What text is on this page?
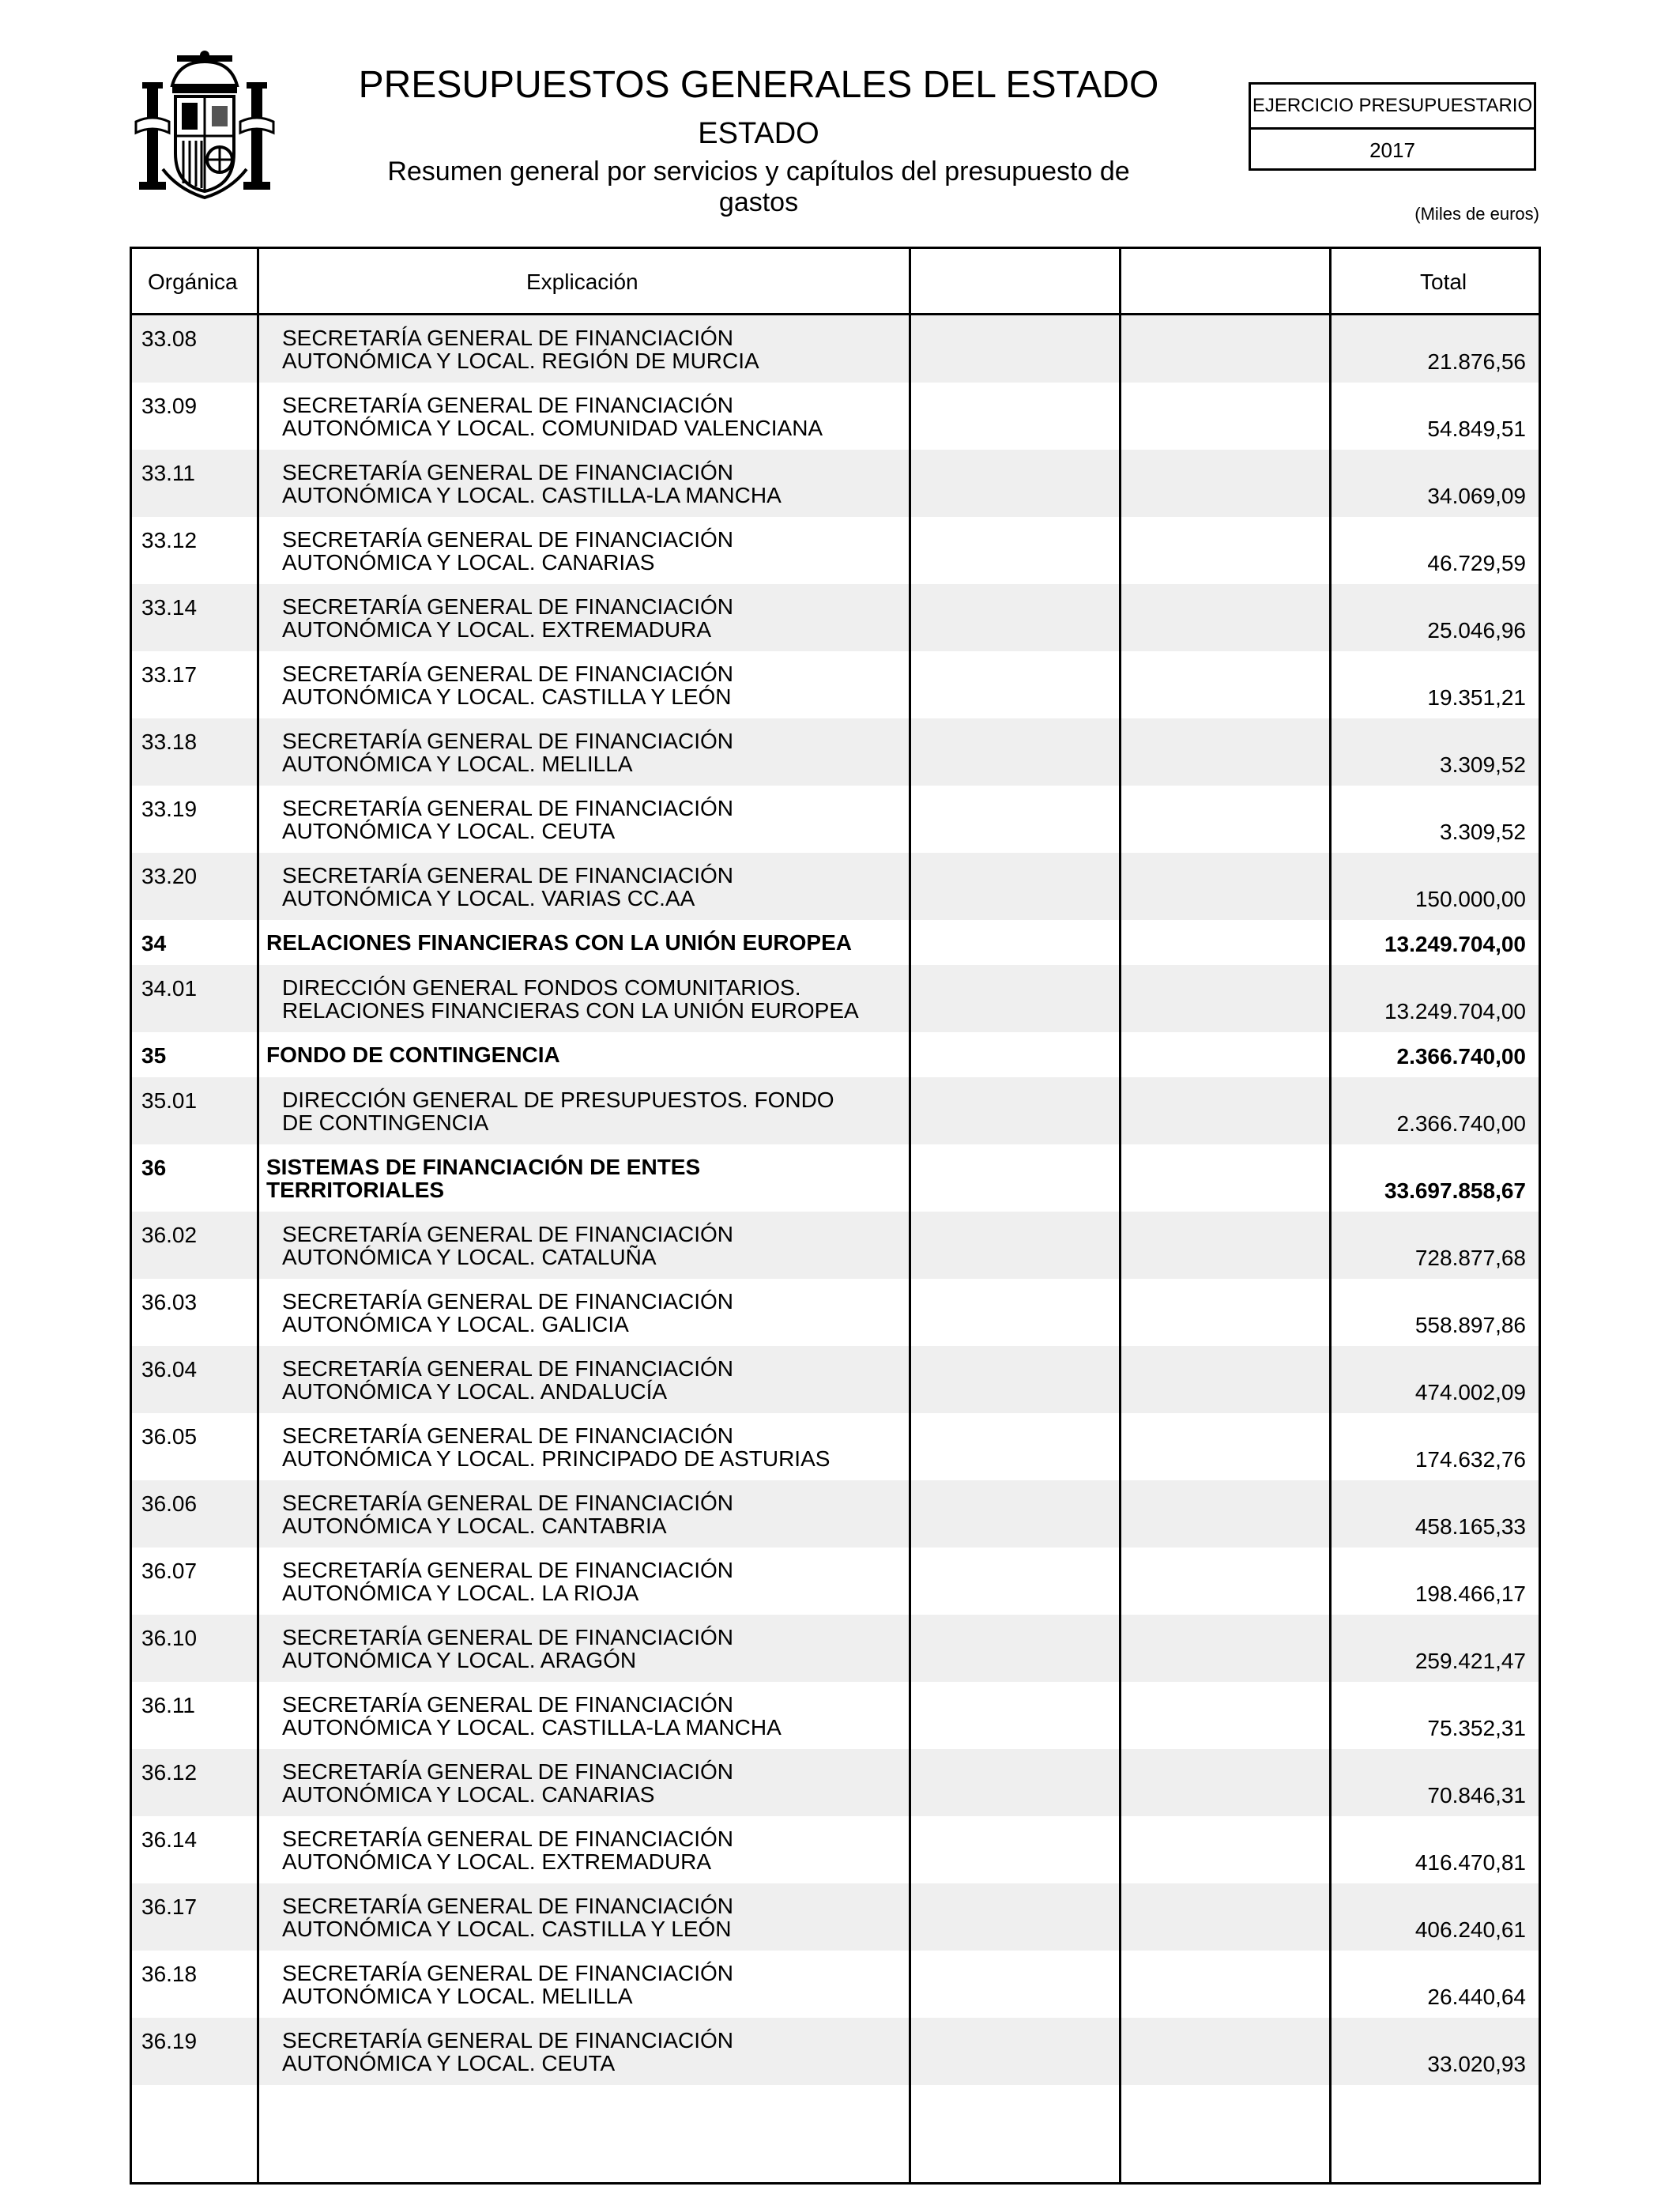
PRESUPUESTOS GENERALES DEL ESTADO
ESTADO
Resumen general por servicios y capítulos del presupuesto de gastos
EJERCICIO PRESUPUESTARIO
2017
(Miles de euros)
Orgánica	Explicación	Total
33.08	SECRETARÍA GENERAL DE FINANCIACIÓN
AUTONÓMICA Y LOCAL. REGIÓN DE MURCIA	21.876,56
33.09	SECRETARÍA GENERAL DE FINANCIACIÓN
AUTONÓMICA Y LOCAL. COMUNIDAD VALENCIANA	54.849,51
33.11	SECRETARÍA GENERAL DE FINANCIACIÓN
AUTONÓMICA Y LOCAL. CASTILLA-LA MANCHA	34.069,09
33.12	SECRETARÍA GENERAL DE FINANCIACIÓN
AUTONÓMICA Y LOCAL. CANARIAS	46.729,59
33.14	SECRETARÍA GENERAL DE FINANCIACIÓN
AUTONÓMICA Y LOCAL. EXTREMADURA	25.046,96
33.17	SECRETARÍA GENERAL DE FINANCIACIÓN
AUTONÓMICA Y LOCAL. CASTILLA Y LEÓN	19.351,21
33.18	SECRETARÍA GENERAL DE FINANCIACIÓN
AUTONÓMICA Y LOCAL. MELILLA	3.309,52
33.19	SECRETARÍA GENERAL DE FINANCIACIÓN
AUTONÓMICA Y LOCAL. CEUTA	3.309,52
33.20	SECRETARÍA GENERAL DE FINANCIACIÓN
AUTONÓMICA Y LOCAL. VARIAS CC.AA	150.000,00
34	RELACIONES FINANCIERAS CON LA UNIÓN EUROPEA	13.249.704,00
34.01	DIRECCIÓN GENERAL FONDOS COMUNITARIOS.
RELACIONES FINANCIERAS CON LA UNIÓN EUROPEA	13.249.704,00
35	FONDO DE CONTINGENCIA	2.366.740,00
35.01	DIRECCIÓN GENERAL DE PRESUPUESTOS. FONDO
DE CONTINGENCIA	2.366.740,00
36	SISTEMAS DE FINANCIACIÓN DE ENTES
TERRITORIALES	33.697.858,67
36.02	SECRETARÍA GENERAL DE FINANCIACIÓN
AUTONÓMICA Y LOCAL. CATALUÑA	728.877,68
36.03	SECRETARÍA GENERAL DE FINANCIACIÓN
AUTONÓMICA Y LOCAL. GALICIA	558.897,86
36.04	SECRETARÍA GENERAL DE FINANCIACIÓN
AUTONÓMICA Y LOCAL. ANDALUCÍA	474.002,09
36.05	SECRETARÍA GENERAL DE FINANCIACIÓN
AUTONÓMICA Y LOCAL. PRINCIPADO DE ASTURIAS	174.632,76
36.06	SECRETARÍA GENERAL DE FINANCIACIÓN
AUTONÓMICA Y LOCAL. CANTABRIA	458.165,33
36.07	SECRETARÍA GENERAL DE FINANCIACIÓN
AUTONÓMICA Y LOCAL. LA RIOJA	198.466,17
36.10	SECRETARÍA GENERAL DE FINANCIACIÓN
AUTONÓMICA Y LOCAL. ARAGÓN	259.421,47
36.11	SECRETARÍA GENERAL DE FINANCIACIÓN
AUTONÓMICA Y LOCAL. CASTILLA-LA MANCHA	75.352,31
36.12	SECRETARÍA GENERAL DE FINANCIACIÓN
AUTONÓMICA Y LOCAL. CANARIAS	70.846,31
36.14	SECRETARÍA GENERAL DE FINANCIACIÓN
AUTONÓMICA Y LOCAL. EXTREMADURA	416.470,81
36.17	SECRETARÍA GENERAL DE FINANCIACIÓN
AUTONÓMICA Y LOCAL. CASTILLA Y LEÓN	406.240,61
36.18	SECRETARÍA GENERAL DE FINANCIACIÓN
AUTONÓMICA Y LOCAL. MELILLA	26.440,64
36.19	SECRETARÍA GENERAL DE FINANCIACIÓN
AUTONÓMICA Y LOCAL. CEUTA	33.020,93
